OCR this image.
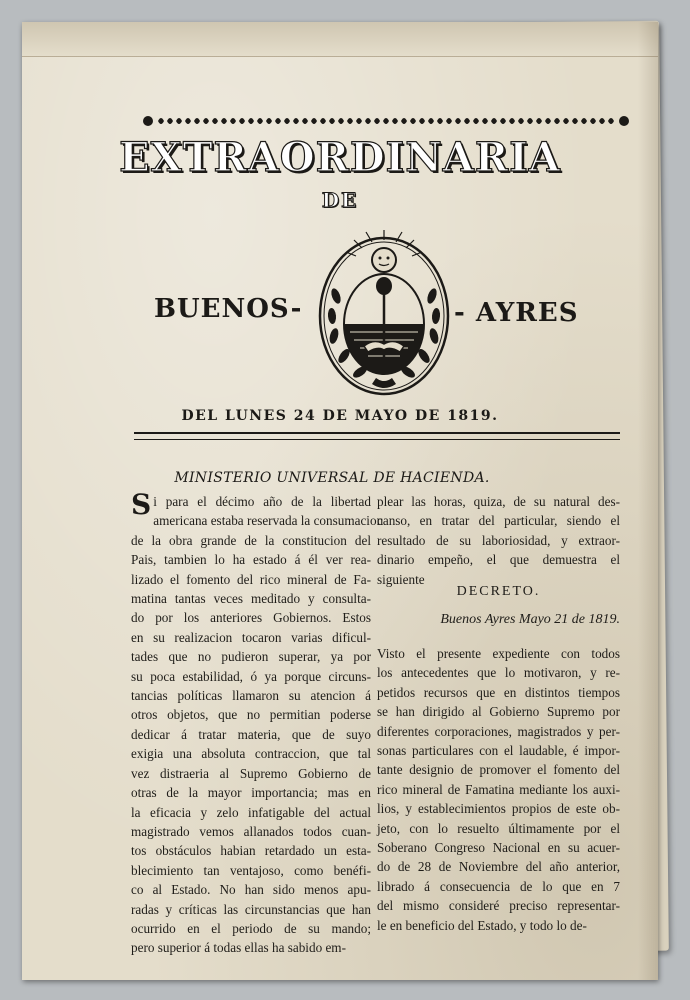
EXTRAORDINARIA
DE
BUENOS-	- AYRES
DEL LUNES 24 DE MAYO DE 1819.
MINISTERIO UNIVERSAL DE HACIENDA.
Si para el décimo año de la libertad
americana estaba reservada la consumacion
de la obra grande de la constitucion del
Pais, tambien lo ha estado á él ver rea-
lizado el fomento del rico mineral de Fa-
matina tantas veces meditado y consulta-
do por los anteriores Gobiernos. Estos
en su realizacion tocaron varias dificul-
tades que no pudieron superar, ya por
su poca estabilidad, ó ya porque circuns-
tancias políticas llamaron su atencion á
otros objetos, que no permitian poderse
dedicar á tratar materia, que de suyo
exigia una absoluta contraccion, que tal
vez distraeria al Supremo Gobierno de
otras de la mayor importancia; mas en
la eficacia y zelo infatigable del actual
magistrado vemos allanados todos cuan-
tos obstáculos habian retardado un esta-
blecimiento tan ventajoso, como benéfi-
co al Estado. No han sido menos apu-
radas y críticas las circunstancias que han
ocurrido en el periodo de su mando;
pero superior á todas ellas ha sabido em-
plear las horas, quiza, de su natural des-
canso, en tratar del particular, siendo el
resultado de su laboriosidad, y extraor-
dinario empeño, el que demuestra el
siguiente
DECRETO.
Buenos Ayres Mayo 21 de 1819.
Visto el presente expediente con todos
los antecedentes que lo motivaron, y re-
petidos recursos que en distintos tiempos
se han dirigido al Gobierno Supremo por
diferentes corporaciones, magistrados y per-
sonas particulares con el laudable, é impor-
tante designio de promover el fomento del
rico mineral de Famatina mediante los auxi-
lios, y establecimientos propios de este ob-
jeto, con lo resuelto últimamente por el
Soberano Congreso Nacional en su acuer-
do de 28 de Noviembre del año anterior,
librado á consecuencia de lo que en 7
del mismo consideré preciso representar-
le en beneficio del Estado, y todo lo de-
